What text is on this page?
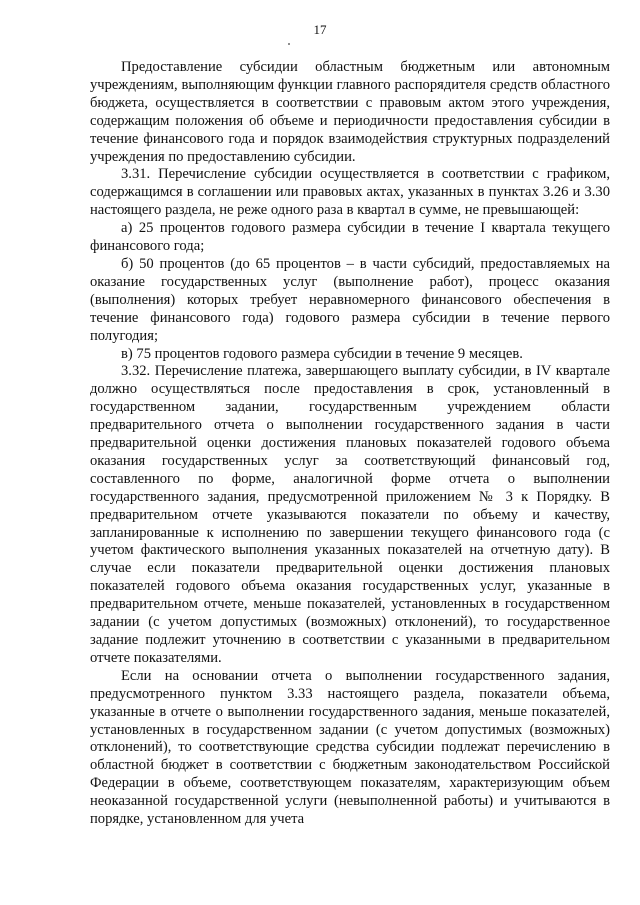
17

Предоставление субсидии областным бюджетным или автономным учреждениям, выполняющим функции главного распорядителя средств областного бюджета, осуществляется в соответствии с правовым актом этого учреждения, содержащим положения об объеме и периодичности предоставления субсидии в течение финансового года и порядок взаимодействия структурных подразделений учреждения по предоставлению субсидии.

3.31. Перечисление субсидии осуществляется в соответствии с графиком, содержащимся в соглашении или правовых актах, указанных в пунктах 3.26 и 3.30 настоящего раздела, не реже одного раза в квартал в сумме, не превышающей:

а) 25 процентов годового размера субсидии в течение I квартала текущего финансового года;

б) 50 процентов (до 65 процентов – в части субсидий, предоставляемых на оказание государственных услуг (выполнение работ), процесс оказания (выполнения) которых требует неравномерного финансового обеспечения в течение финансового года) годового размера субсидии в течение первого полугодия;

в) 75 процентов годового размера субсидии в течение 9 месяцев.

3.32. Перечисление платежа, завершающего выплату субсидии, в IV квартале должно осуществляться после предоставления в срок, установленный в государственном задании, государственным учреждением области предварительного отчета о выполнении государственного задания в части предварительной оценки достижения плановых показателей годового объема оказания государственных услуг за соответствующий финансовый год, составленного по форме, аналогичной форме отчета о выполнении государственного задания, предусмотренной приложением № 3 к Порядку. В предварительном отчете указываются показатели по объему и качеству, запланированные к исполнению по завершении текущего финансового года (с учетом фактического выполнения указанных показателей на отчетную дату). В случае если показатели предварительной оценки достижения плановых показателей годового объема оказания государственных услуг, указанные в предварительном отчете, меньше показателей, установленных в государственном задании (с учетом допустимых (возможных) отклонений), то государственное задание подлежит уточнению в соответствии с указанными в предварительном отчете показателями.

Если на основании отчета о выполнении государственного задания, предусмотренного пунктом 3.33 настоящего раздела, показатели объема, указанные в отчете о выполнении государственного задания, меньше показателей, установленных в государственном задании (с учетом допустимых (возможных) отклонений), то соответствующие средства субсидии подлежат перечислению в областной бюджет в соответствии с бюджетным законодательством Российской Федерации в объеме, соответствующем показателям, характеризующим объем неоказанной государственной услуги (невыполненной работы) и учитываются в порядке, установленном для учета
